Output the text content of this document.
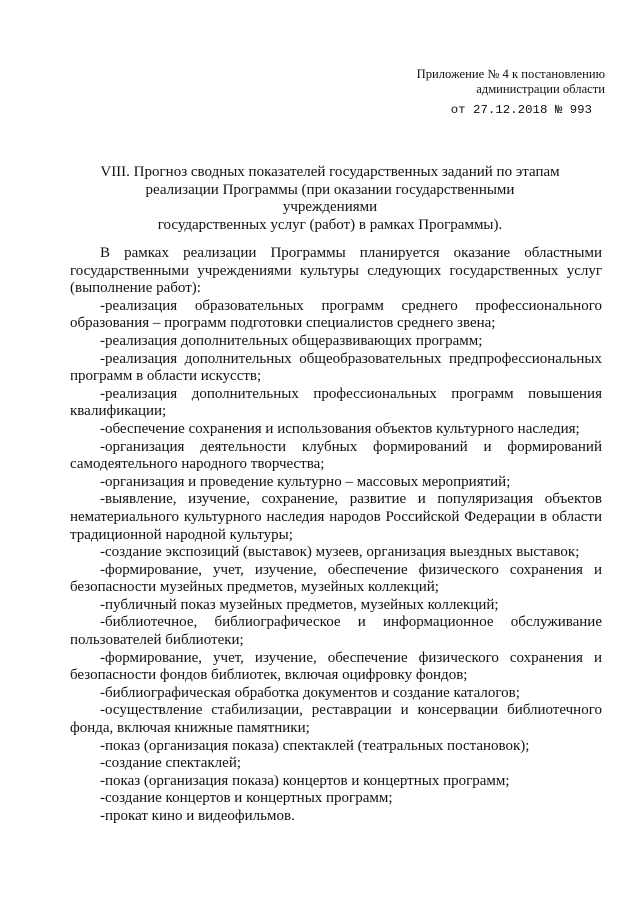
Приложение № 4 к постановлению
администрации области
от 27.12.2018 № 993
VIII. Прогноз сводных показателей государственных заданий по этапам
реализации Программы (при оказании государственными учреждениями
государственных услуг (работ) в рамках Программы).

В рамках реализации Программы планируется оказание областными государственными учреждениями культуры следующих государственных услуг (выполнение работ):

-реализация образовательных программ среднего профессионального образования – программ подготовки специалистов среднего звена;

-реализация дополнительных общеразвивающих программ;

-реализация дополнительных общеобразовательных предпрофессиональных программ в области искусств;

-реализация дополнительных профессиональных программ повышения квалификации;

-обеспечение сохранения и использования объектов культурного наследия;

-организация деятельности клубных формирований и формирований самодеятельного народного творчества;

-организация и проведение культурно – массовых мероприятий;

-выявление, изучение, сохранение, развитие и популяризация объектов нематериального культурного наследия народов Российской Федерации в области традиционной народной культуры;

-создание экспозиций (выставок) музеев, организация выездных выставок;

-формирование, учет, изучение, обеспечение физического сохранения и безопасности музейных предметов, музейных коллекций;

-публичный показ музейных предметов, музейных коллекций;

-библиотечное, библиографическое и информационное обслуживание пользователей библиотеки;

-формирование, учет, изучение, обеспечение физического сохранения и безопасности фондов библиотек, включая оцифровку фондов;

-библиографическая обработка документов и создание каталогов;

-осуществление стабилизации, реставрации и консервации библиотечного фонда, включая книжные памятники;

-показ (организация показа) спектаклей (театральных постановок);

-создание спектаклей;

-показ (организация показа) концертов и концертных программ;

-создание концертов и концертных программ;

-прокат кино и видеофильмов.
